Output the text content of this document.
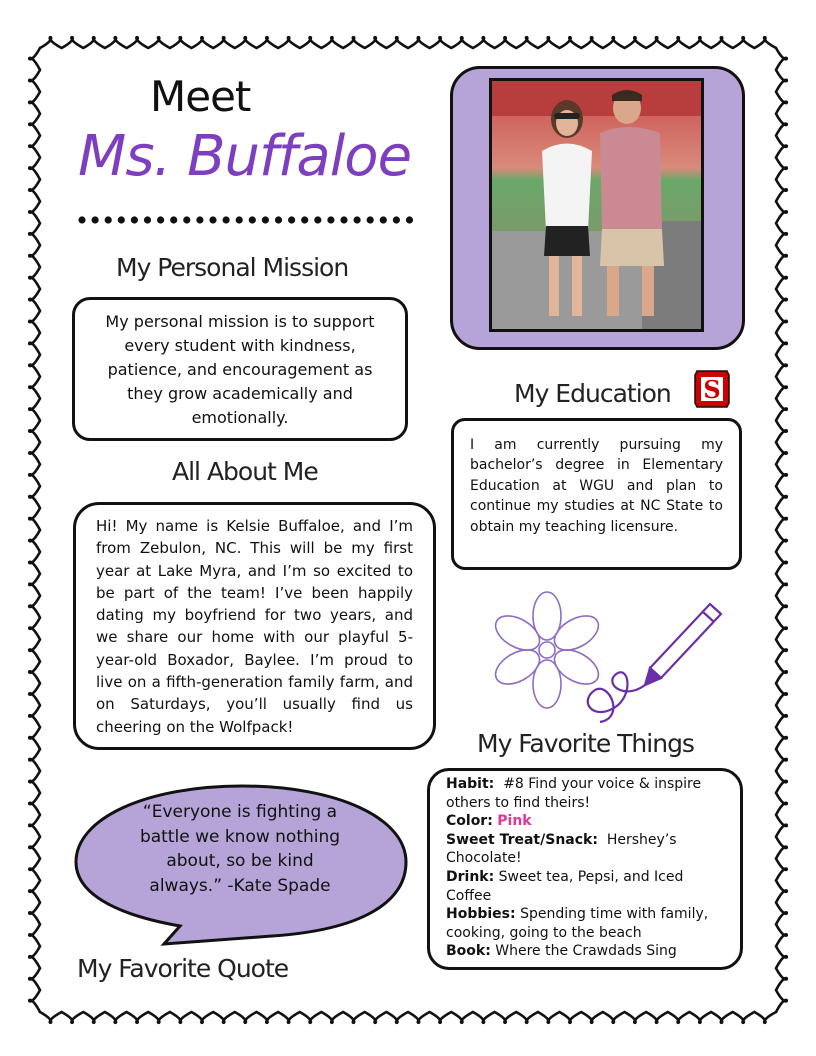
Meet
Ms. Buffaloe
My Personal Mission
My personal mission is to support every student with kindness, patience, and encouragement as they grow academically and emotionally.
All About Me
Hi! My name is Kelsie Buffaloe, and I’m from Zebulon, NC. This will be my first year at Lake Myra, and I’m so excited to be part of the team! I’ve been happily dating my boyfriend for two years, and we share our home with our playful 5-year-old Boxador, Baylee. I’m proud to live on a fifth-generation family farm, and on Saturdays, you’ll usually find us cheering on the Wolfpack!
My Education S
I am currently pursuing my bachelor’s degree in Elementary Education at WGU and plan to continue my studies at NC State to obtain my teaching licensure.
My Favorite Things
Habit: #8 Find your voice & inspire others to find theirs!
Color: Pink
Sweet Treat/Snack: Hershey’s Chocolate!
Drink: Sweet tea, Pepsi, and Iced Coffee
Hobbies: Spending time with family, cooking, going to the beach
Book: Where the Crawdads Sing
“Everyone is fighting a battle we know nothing about, so be kind always.” -Kate Spade
My Favorite Quote
